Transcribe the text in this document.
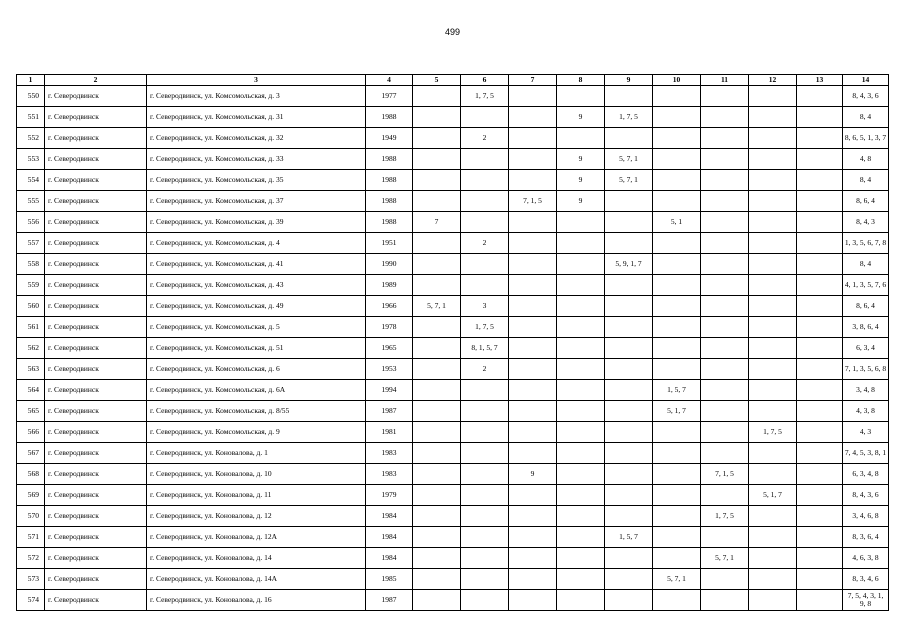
499
1	2	3	4	5	6	7	8	9	10	11	12	13	14
550	г. Северодвинск	г. Северодвинск, ул. Комсомольская, д. 3	1977		1, 7, 5								8, 4, 3, 6
551	г. Северодвинск	г. Северодвинск, ул. Комсомольская, д. 31	1988				9	1, 7, 5					8, 4
552	г. Северодвинск	г. Северодвинск, ул. Комсомольская, д. 32	1949		2								8, 6, 5, 1, 3, 7
553	г. Северодвинск	г. Северодвинск, ул. Комсомольская, д. 33	1988				9	5, 7, 1					4, 8
554	г. Северодвинск	г. Северодвинск, ул. Комсомольская, д. 35	1988				9	5, 7, 1					8, 4
555	г. Северодвинск	г. Северодвинск, ул. Комсомольская, д. 37	1988			7, 1, 5	9						8, 6, 4
556	г. Северодвинск	г. Северодвинск, ул. Комсомольская, д. 39	1988	7					5, 1				8, 4, 3
557	г. Северодвинск	г. Северодвинск, ул. Комсомольская, д. 4	1951		2								1, 3, 5, 6, 7, 8
558	г. Северодвинск	г. Северодвинск, ул. Комсомольская, д. 41	1990					5, 9, 1, 7					8, 4
559	г. Северодвинск	г. Северодвинск, ул. Комсомольская, д. 43	1989										4, 1, 3, 5, 7, 6
560	г. Северодвинск	г. Северодвинск, ул. Комсомольская, д. 49	1966	5, 7, 1	3								8, 6, 4
561	г. Северодвинск	г. Северодвинск, ул. Комсомольская, д. 5	1978		1, 7, 5								3, 8, 6, 4
562	г. Северодвинск	г. Северодвинск, ул. Комсомольская, д. 51	1965		8, 1, 5, 7								6, 3, 4
563	г. Северодвинск	г. Северодвинск, ул. Комсомольская, д. 6	1953		2								7, 1, 3, 5, 6, 8
564	г. Северодвинск	г. Северодвинск, ул. Комсомольская, д. 6А	1994						1, 5, 7				3, 4, 8
565	г. Северодвинск	г. Северодвинск, ул. Комсомольская, д. 8/55	1987						5, 1, 7				4, 3, 8
566	г. Северодвинск	г. Северодвинск, ул. Комсомольская, д. 9	1981								1, 7, 5		4, 3
567	г. Северодвинск	г. Северодвинск, ул. Коновалова, д. 1	1983										7, 4, 5, 3, 8, 1
568	г. Северодвинск	г. Северодвинск, ул. Коновалова, д. 10	1983			9				7, 1, 5			6, 3, 4, 8
569	г. Северодвинск	г. Северодвинск, ул. Коновалова, д. 11	1979								5, 1, 7		8, 4, 3, 6
570	г. Северодвинск	г. Северодвинск, ул. Коновалова, д. 12	1984							1, 7, 5			3, 4, 6, 8
571	г. Северодвинск	г. Северодвинск, ул. Коновалова, д. 12А	1984					1, 5, 7					8, 3, 6, 4
572	г. Северодвинск	г. Северодвинск, ул. Коновалова, д. 14	1984							5, 7, 1			4, 6, 3, 8
573	г. Северодвинск	г. Северодвинск, ул. Коновалова, д. 14А	1985						5, 7, 1				8, 3, 4, 6
574	г. Северодвинск	г. Северодвинск, ул. Коновалова, д. 16	1987										7, 5, 4, 3, 1, 9, 8
